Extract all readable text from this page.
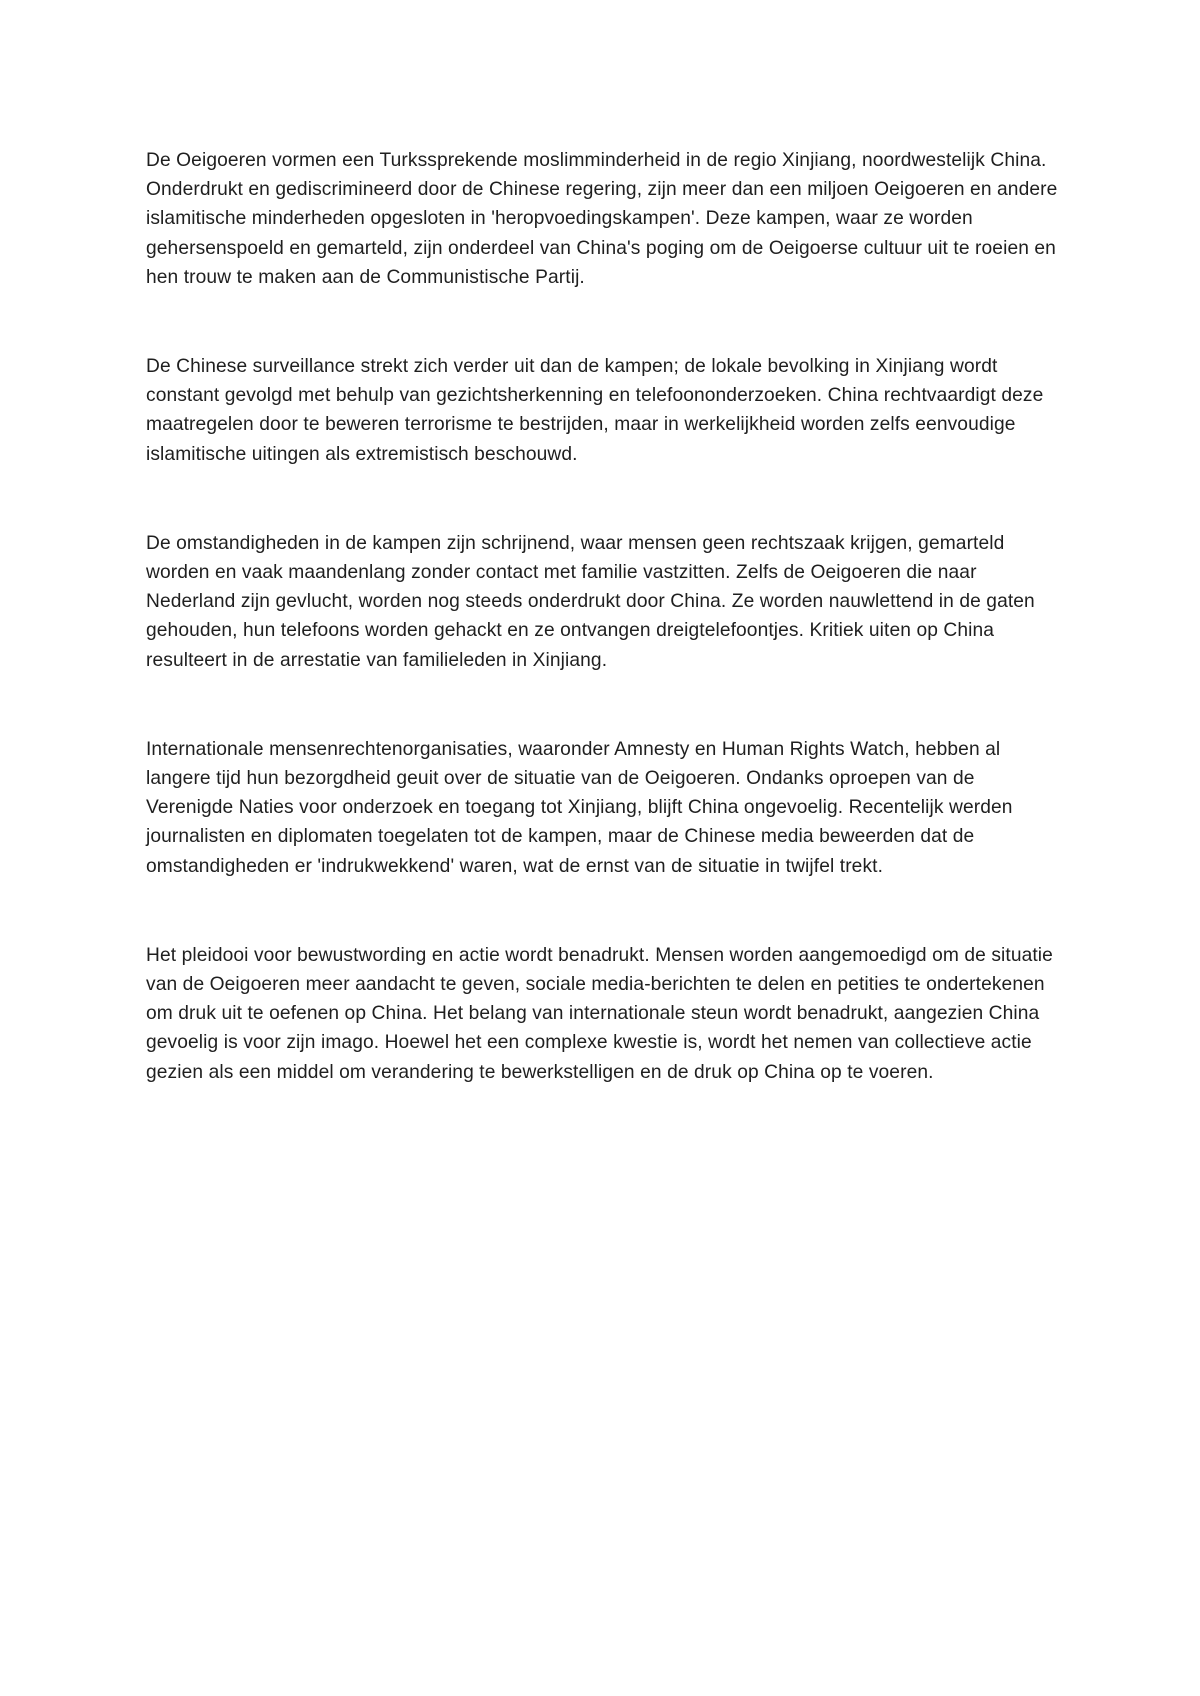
De Oeigoeren vormen een Turkssprekende moslimminderheid in de regio Xinjiang, noordwestelijk China. Onderdrukt en gediscrimineerd door de Chinese regering, zijn meer dan een miljoen Oeigoeren en andere islamitische minderheden opgesloten in 'heropvoedingskampen'. Deze kampen, waar ze worden gehersenspoeld en gemarteld, zijn onderdeel van China's poging om de Oeigoerse cultuur uit te roeien en hen trouw te maken aan de Communistische Partij.

De Chinese surveillance strekt zich verder uit dan de kampen; de lokale bevolking in Xinjiang wordt constant gevolgd met behulp van gezichtsherkenning en telefoononderzoeken. China rechtvaardigt deze maatregelen door te beweren terrorisme te bestrijden, maar in werkelijkheid worden zelfs eenvoudige islamitische uitingen als extremistisch beschouwd.

De omstandigheden in de kampen zijn schrijnend, waar mensen geen rechtszaak krijgen, gemarteld worden en vaak maandenlang zonder contact met familie vastzitten. Zelfs de Oeigoeren die naar Nederland zijn gevlucht, worden nog steeds onderdrukt door China. Ze worden nauwlettend in de gaten gehouden, hun telefoons worden gehackt en ze ontvangen dreigtelefoontjes. Kritiek uiten op China resulteert in de arrestatie van familieleden in Xinjiang.

Internationale mensenrechtenorganisaties, waaronder Amnesty en Human Rights Watch, hebben al langere tijd hun bezorgdheid geuit over de situatie van de Oeigoeren. Ondanks oproepen van de Verenigde Naties voor onderzoek en toegang tot Xinjiang, blijft China ongevoelig. Recentelijk werden journalisten en diplomaten toegelaten tot de kampen, maar de Chinese media beweerden dat de omstandigheden er 'indrukwekkend' waren, wat de ernst van de situatie in twijfel trekt.

Het pleidooi voor bewustwording en actie wordt benadrukt. Mensen worden aangemoedigd om de situatie van de Oeigoeren meer aandacht te geven, sociale media-berichten te delen en petities te ondertekenen om druk uit te oefenen op China. Het belang van internationale steun wordt benadrukt, aangezien China gevoelig is voor zijn imago. Hoewel het een complexe kwestie is, wordt het nemen van collectieve actie gezien als een middel om verandering te bewerkstelligen en de druk op China op te voeren.
